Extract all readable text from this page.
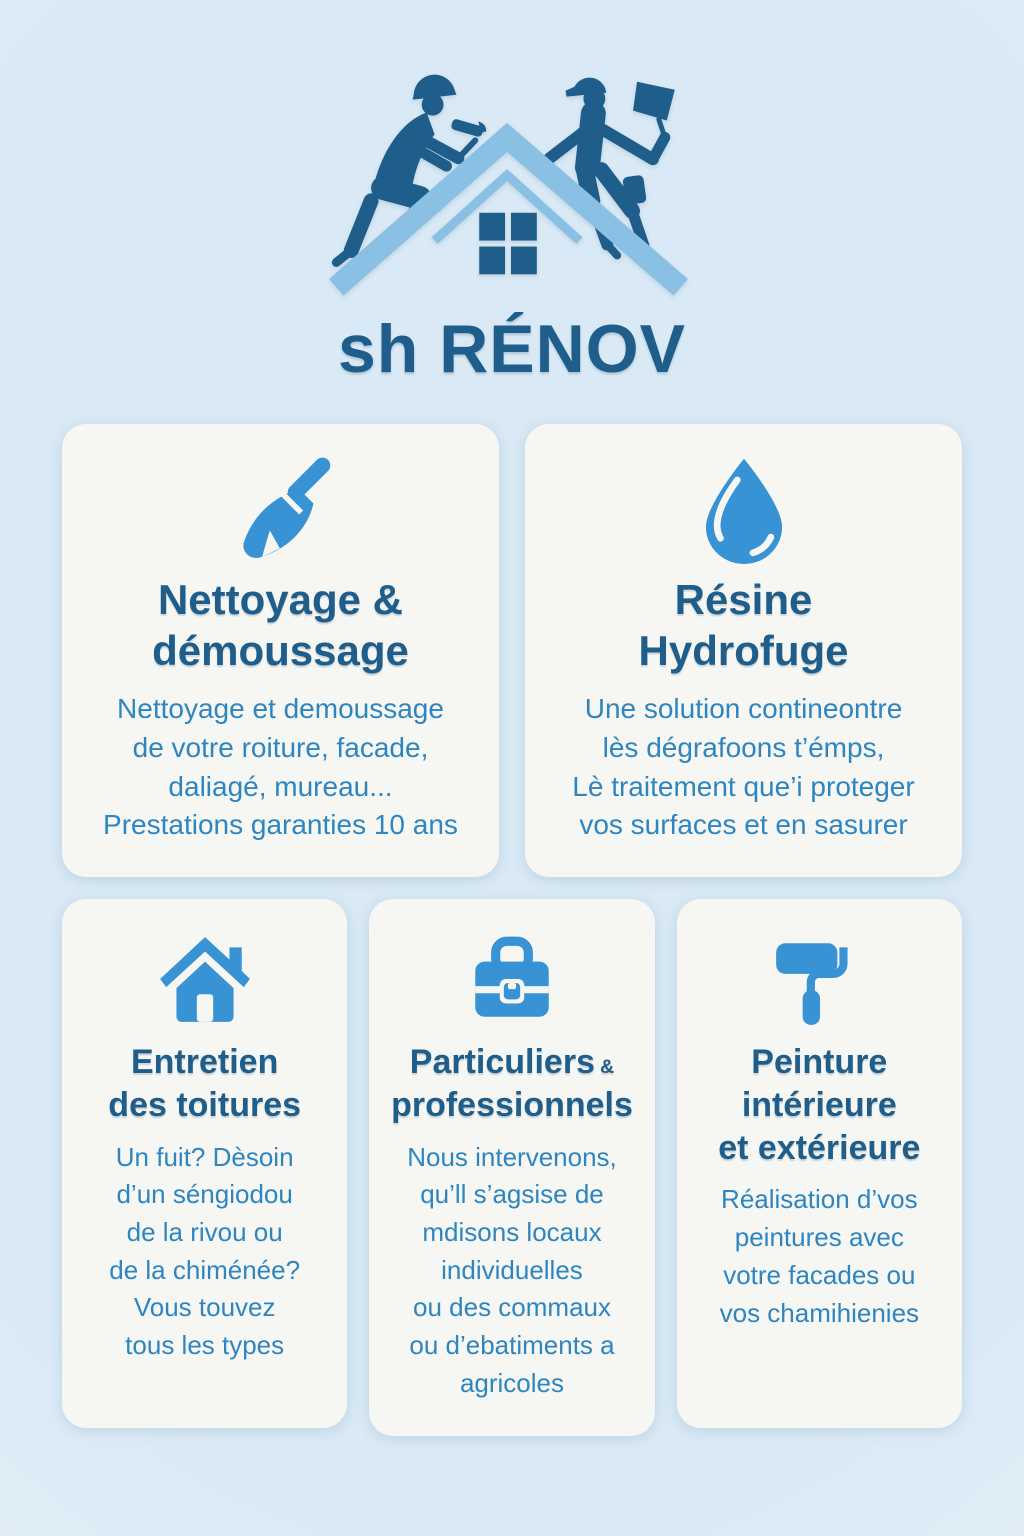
sh RÉNOV
Nettoyage &
démoussage

Nettoyage et demoussage
de votre roiture, facade,
daliagé, mureau...
Prestations garanties 10 ans

Résine
Hydrofuge

Une solution contineontre
lès dégrafoons t’émps,
Lè traitement que’i proteger
vos surfaces et en sasurer

Entretien
des toitures

Un fuit? Dèsoin
d’un séngiodou
de la rivou ou
de la chiménée?
Vous touvez
tous les types

Particuliers &
professionnels

Nous intervenons,
qu’ll s’agsise de
mdisons locaux
individuelles
ou des commaux
ou d’ebatiments a
agricoles

Peinture
intérieure
et extérieure

Réalisation d’vos
peintures avec
votre facades ou
vos chamihienies
